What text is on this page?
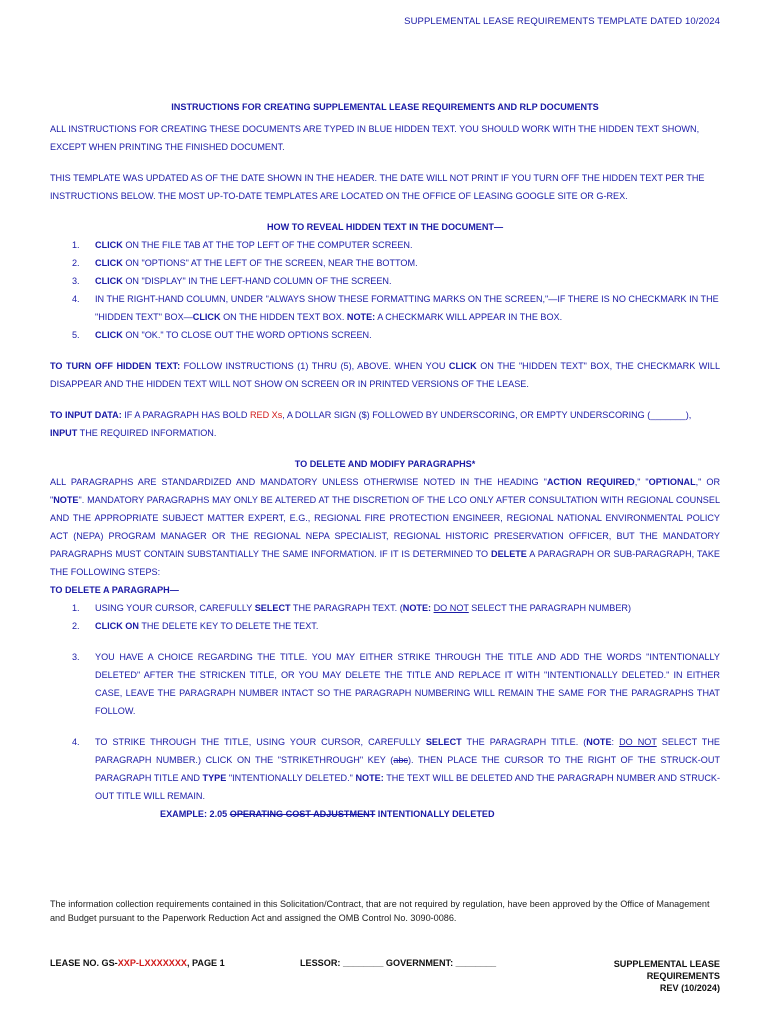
SUPPLEMENTAL LEASE REQUIREMENTS TEMPLATE DATED 10/2024

INSTRUCTIONS FOR CREATING SUPPLEMENTAL LEASE REQUIREMENTS AND RLP DOCUMENTS

ALL INSTRUCTIONS FOR CREATING THESE DOCUMENTS ARE TYPED IN BLUE HIDDEN TEXT. YOU SHOULD WORK WITH THE HIDDEN TEXT SHOWN, EXCEPT WHEN PRINTING THE FINISHED DOCUMENT.

THIS TEMPLATE WAS UPDATED AS OF THE DATE SHOWN IN THE HEADER. THE DATE WILL NOT PRINT IF YOU TURN OFF THE HIDDEN TEXT PER THE INSTRUCTIONS BELOW. THE MOST UP-TO-DATE TEMPLATES ARE LOCATED ON THE OFFICE OF LEASING GOOGLE SITE OR G-REX.

HOW TO REVEAL HIDDEN TEXT IN THE DOCUMENT—

1.	CLICK ON THE FILE TAB AT THE TOP LEFT OF THE COMPUTER SCREEN.
2.	CLICK ON "OPTIONS" AT THE LEFT OF THE SCREEN, NEAR THE BOTTOM.
3.	CLICK ON "DISPLAY" IN THE LEFT-HAND COLUMN OF THE SCREEN.
4.	IN THE RIGHT-HAND COLUMN, UNDER "ALWAYS SHOW THESE FORMATTING MARKS ON THE SCREEN,"—IF THERE IS NO CHECKMARK IN THE "HIDDEN TEXT" BOX—CLICK ON THE HIDDEN TEXT BOX. NOTE: A CHECKMARK WILL APPEAR IN THE BOX.
5.	CLICK ON "OK." TO CLOSE OUT THE WORD OPTIONS SCREEN.

TO TURN OFF HIDDEN TEXT: FOLLOW INSTRUCTIONS (1) THRU (5), ABOVE. WHEN YOU CLICK ON THE "HIDDEN TEXT" BOX, THE CHECKMARK WILL DISAPPEAR AND THE HIDDEN TEXT WILL NOT SHOW ON SCREEN OR IN PRINTED VERSIONS OF THE LEASE.

TO INPUT DATA: IF A PARAGRAPH HAS BOLD RED Xs, A DOLLAR SIGN ($) FOLLOWED BY UNDERSCORING, OR EMPTY UNDERSCORING (_______), INPUT THE REQUIRED INFORMATION.

TO DELETE AND MODIFY PARAGRAPHS*

ALL PARAGRAPHS ARE STANDARDIZED AND MANDATORY UNLESS OTHERWISE NOTED IN THE HEADING "ACTION REQUIRED," "OPTIONAL," OR "NOTE". MANDATORY PARAGRAPHS MAY ONLY BE ALTERED AT THE DISCRETION OF THE LCO ONLY AFTER CONSULTATION WITH REGIONAL COUNSEL AND THE APPROPRIATE SUBJECT MATTER EXPERT, E.G., REGIONAL FIRE PROTECTION ENGINEER, REGIONAL NATIONAL ENVIRONMENTAL POLICY ACT (NEPA) PROGRAM MANAGER OR THE REGIONAL NEPA SPECIALIST, REGIONAL HISTORIC PRESERVATION OFFICER, BUT THE MANDATORY PARAGRAPHS MUST CONTAIN SUBSTANTIALLY THE SAME INFORMATION. IF IT IS DETERMINED TO DELETE A PARAGRAPH OR SUB-PARAGRAPH, TAKE THE FOLLOWING STEPS:

TO DELETE A PARAGRAPH—

1.	USING YOUR CURSOR, CAREFULLY SELECT THE PARAGRAPH TEXT. (NOTE: DO NOT SELECT THE PARAGRAPH NUMBER)
2.	CLICK ON THE DELETE KEY TO DELETE THE TEXT.
3.	YOU HAVE A CHOICE REGARDING THE TITLE. YOU MAY EITHER STRIKE THROUGH THE TITLE AND ADD THE WORDS "INTENTIONALLY DELETED" AFTER THE STRICKEN TITLE, OR YOU MAY DELETE THE TITLE AND REPLACE IT WITH "INTENTIONALLY DELETED." IN EITHER CASE, LEAVE THE PARAGRAPH NUMBER INTACT SO THE PARAGRAPH NUMBERING WILL REMAIN THE SAME FOR THE PARAGRAPHS THAT FOLLOW.
4.	TO STRIKE THROUGH THE TITLE, USING YOUR CURSOR, CAREFULLY SELECT THE PARAGRAPH TITLE. (NOTE: DO NOT SELECT THE PARAGRAPH NUMBER.) CLICK ON THE "STRIKETHROUGH" KEY (abc). THEN PLACE THE CURSOR TO THE RIGHT OF THE STRUCK-OUT PARAGRAPH TITLE AND TYPE "INTENTIONALLY DELETED." NOTE: THE TEXT WILL BE DELETED AND THE PARAGRAPH NUMBER AND STRUCK-OUT TITLE WILL REMAIN.

EXAMPLE: 2.05 OPERATING COST ADJUSTMENT INTENTIONALLY DELETED

The information collection requirements contained in this Solicitation/Contract, that are not required by regulation, have been approved by the Office of Management and Budget pursuant to the Paperwork Reduction Act and assigned the OMB Control No. 3090-0086.
LEASE NO. GS-XXP-LXXXXXXX, PAGE 1	LESSOR: ________ GOVERNMENT: ________	SUPPLEMENTAL LEASE
REQUIREMENTS
REV (10/2024)
